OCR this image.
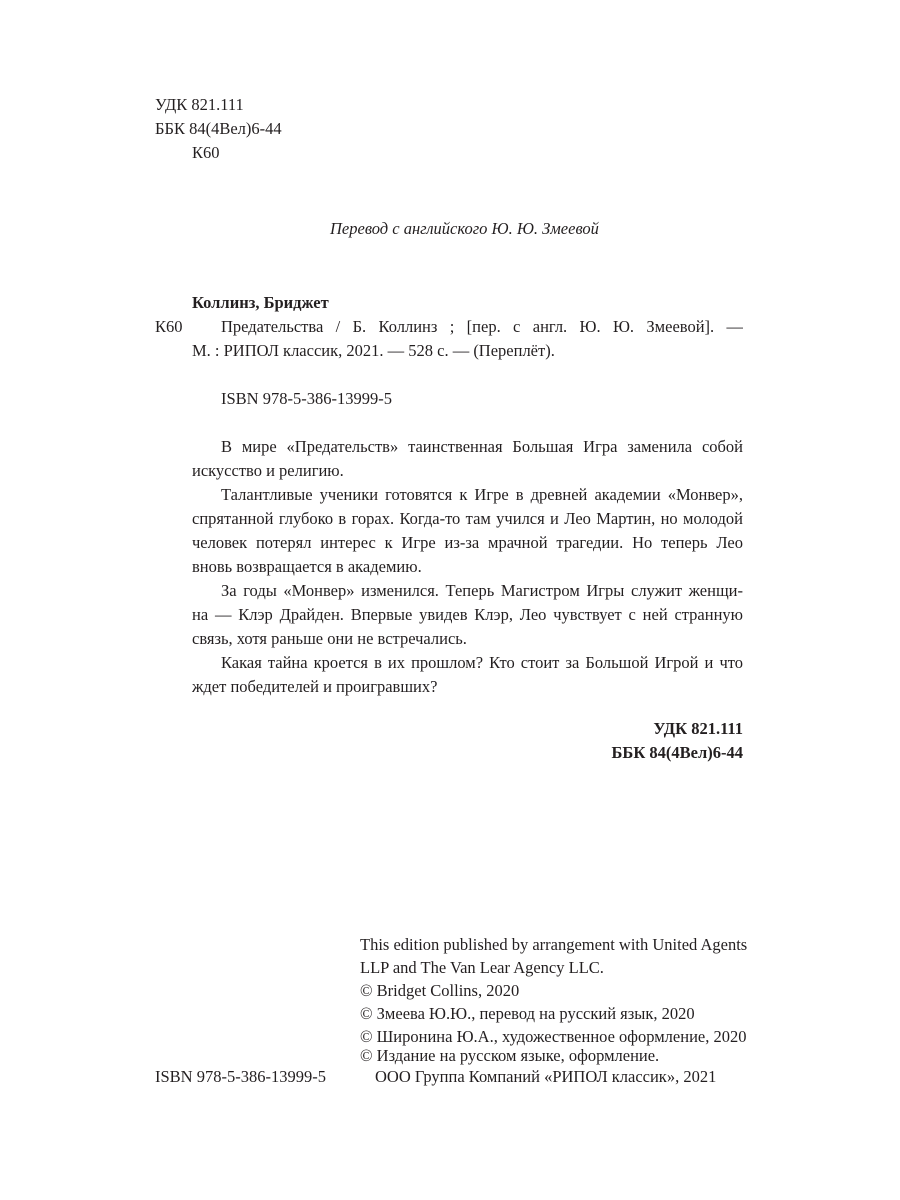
УДК 821.111
ББК 84(4Вел)6-44
К60
Перевод с английского Ю. Ю. Змеевой
Коллинз, Бриджет
К60 Предательства / Б. Коллинз ; [пер. с англ. Ю. Ю. Змеевой]. —
М. : РИПОЛ классик, 2021. — 528 с. — (Переплёт).
ISBN 978-5-386-13999-5
В мире «Предательств» таинственная Большая Игра заменила собой
искусство и религию.
Талантливые ученики готовятся к Игре в древней академии «Монвер»,
спрятанной глубоко в горах. Когда-то там учился и Лео Мартин, но молодой
человек потерял интерес к Игре из-за мрачной трагедии. Но теперь Лео
вновь возвращается в академию.
За годы «Монвер» изменился. Теперь Магистром Игры служит женщи-
на — Клэр Драйден. Впервые увидев Клэр, Лео чувствует с ней странную
связь, хотя раньше они не встречались.
Какая тайна кроется в их прошлом? Кто стоит за Большой Игрой и что
ждет победителей и проигравших?
УДК 821.111
ББК 84(4Вел)6-44
This edition published by arrangement with United Agents
LLP and The Van Lear Agency LLC.
© Bridget Collins, 2020
© Змеева Ю.Ю., перевод на русский язык, 2020
© Широнина Ю.А., художественное оформление, 2020
© Издание на русском языке, оформление.
ООО Группа Компаний «РИПОЛ классик», 2021
ISBN 978-5-386-13999-5
